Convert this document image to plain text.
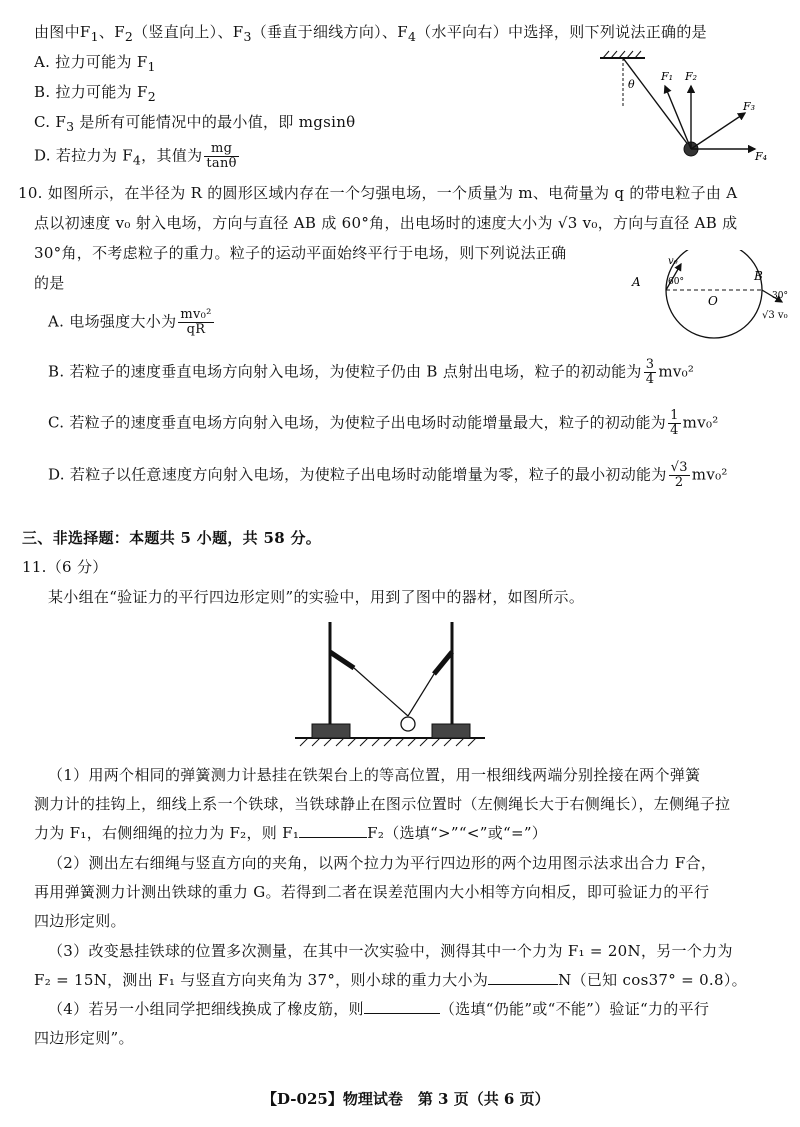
由图中$F_1$、$F_2$（竖直向上）、$F_3$（垂直于细线方向）、$F_4$（水平向右）中选择，则下列说法正确的是
A. 拉力可能为 $F_1$
B. 拉力可能为 $F_2$
C. $F_3$ 是所有可能情况中的最小值，即 mgsinθ
D. 若拉力为 $F_4$，其值为 $\frac{mg}{\tan\theta}$
θ
F₁ F₂
F₃
F₄
10. 如图所示，在半径为 R 的圆形区域内存在一个匀强电场，一个质量为 m、电荷量为 q 的带电粒子由 A
点以初速度 v₀ 射入电场，方向与直径 AB 成 60°角，出电场时的速度大小为 √3 v₀，方向与直径 AB 成
30°角，不考虑粒子的重力。粒子的运动平面始终平行于电场，则下列说法正确
的是	A	B
O
v₀
60°
30°
√3 v₀
A. 电场强度大小为 $\frac{\text{mv₀²}}{qR}$
B. 若粒子的速度垂直电场方向射入电场，为使粒子仍由 B 点射出电场，粒子的初动能为 $\frac{3}{4} mv_0^2$
C. 若粒子的速度垂直电场方向射入电场，为使粒子出电场时动能增量最大，粒子的初动能为 $\frac{1}{4} mv_0^2$
D. 若粒子以任意速度方向射入电场，为使粒子出电场时动能增量为零，粒子的最小初动能为 $\frac{√3}{2} mv_0^2$
三、非选择题：本题共 5 小题，共 58 分。
11.（6 分）
某小组在“验证力的平行四边形定则”的实验中，用到了图中的器材，如图所示。
（1）用两个相同的弹簧测力计悬挂在铁架台上的等高位置，用一根细线两端分别拴接在两个弹簧
测力计的挂钩上，细线上系一个铁球，当铁球静止在图示位置时（左侧绳长大于右侧绳长），左侧绳子拉
力为 F₁，右侧细绳的拉力为 F₂，则 F₁	F₂（选填“>”“<”或“=”）
（2）测出左右细绳与竖直方向的夹角，以两个拉力为平行四边形的两个边用图示法求出合力 F合，
再用弹簧测力计测出铁球的重力 G。若得到二者在误差范围内大小相等方向相反，即可验证力的平行
四边形定则。
（3）改变悬挂铁球的位置多次测量，在其中一次实验中，测得其中一个力为 F₁ = 20N，另一个力为
F₂ = 15N，测出 F₁ 与竖直方向夹角为 37°，则小球的重力大小为	N（已知 cos37° = 0.8）。
（4）若另一小组同学把细线换成了橡皮筋，则	（选填“仍能”或“不能”）验证“力的平行
四边形定则”。
【D-025】物理试卷　第 3 页（共 6 页）
